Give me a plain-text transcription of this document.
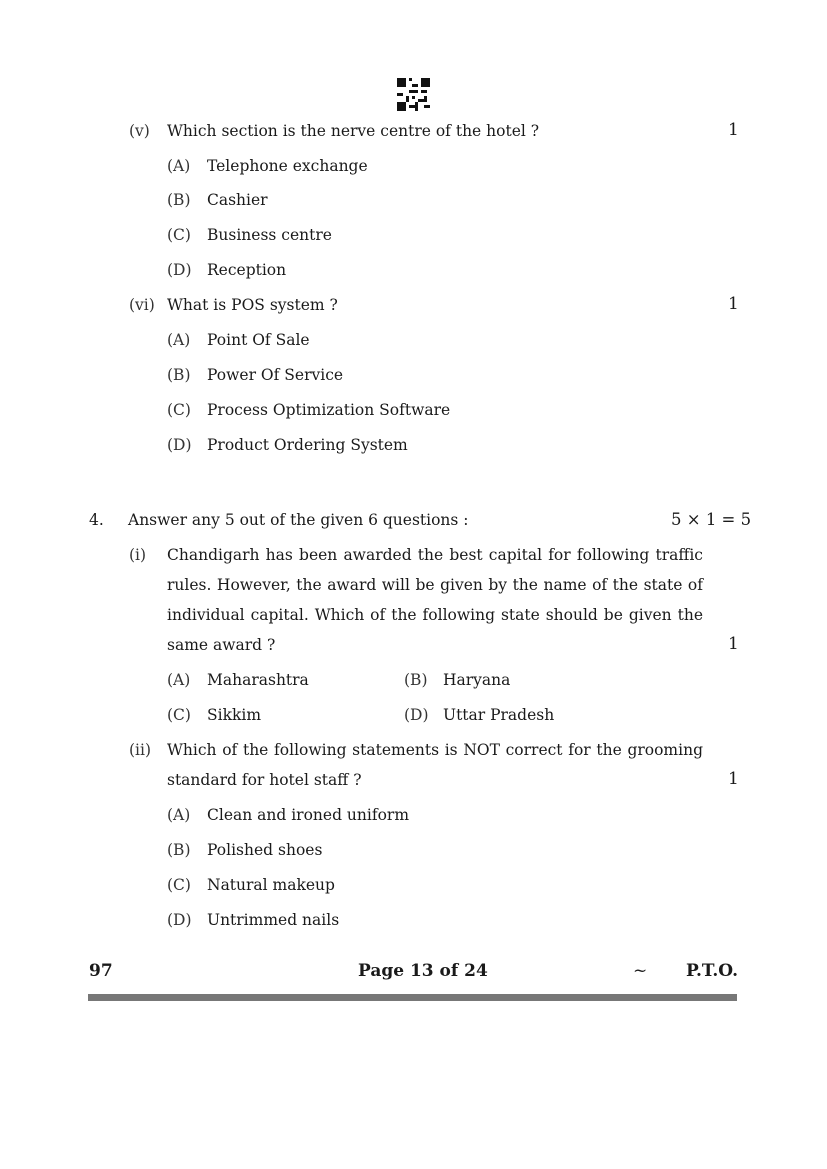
(v) Which section is the nerve centre of the hotel ?	1
(A) Telephone exchange
(B) Cashier
(C) Business centre
(D) Reception
(vi) What is POS system ?	1
(A) Point Of Sale
(B) Power Of Service
(C) Process Optimization Software
(D) Product Ordering System
4. Answer any 5 out of the given 6 questions :	5 × 1 = 5
(i) Chandigarh has been awarded the best capital for following traffic
rules. However, the award will be given by the name of the state of
individual capital. Which of the following state should be given the
same award ?	1
(A) Maharashtra	(B) Haryana
(C) Sikkim	(D) Uttar Pradesh
(ii) Which of the following statements is NOT correct for the grooming
standard for hotel staff ?	1
(A) Clean and ironed uniform
(B) Polished shoes
(C) Natural makeup
(D) Untrimmed nails
97	Page 13 of 24	~ P.T.O.
